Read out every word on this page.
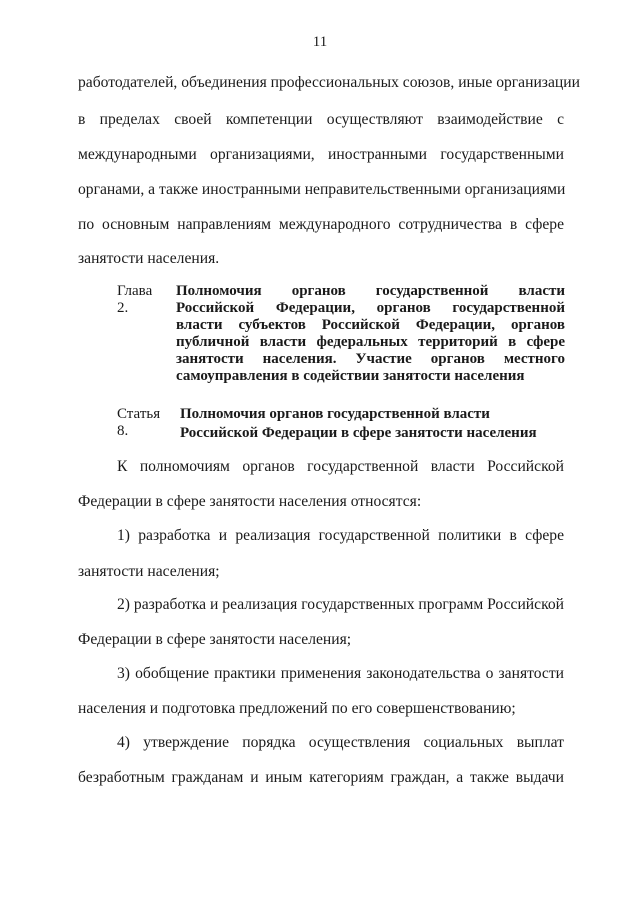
11
работодателей, объединения профессиональных союзов, иные организации
в пределах своей компетенции осуществляют взаимодействие с
международными организациями, иностранными государственными
органами, а также иностранными неправительственными организациями
по основным направлениям международного сотрудничества в сфере
занятости населения.
Глава 2.
Полномочия органов государственной власти
Российской Федерации, органов государственной
власти субъектов Российской Федерации, органов
публичной власти федеральных территорий в сфере
занятости населения. Участие органов местного
самоуправления в содействии занятости населения
Статья 8.
Полномочия органов государственной власти
Российской Федерации в сфере занятости населения
К полномочиям органов государственной власти Российской
Федерации в сфере занятости населения относятся:
1) разработка и реализация государственной политики в сфере
занятости населения;
2) разработка и реализация государственных программ Российской
Федерации в сфере занятости населения;
3) обобщение практики применения законодательства о занятости
населения и подготовка предложений по его совершенствованию;
4) утверждение порядка осуществления социальных выплат
безработным гражданам и иным категориям граждан, а также выдачи
